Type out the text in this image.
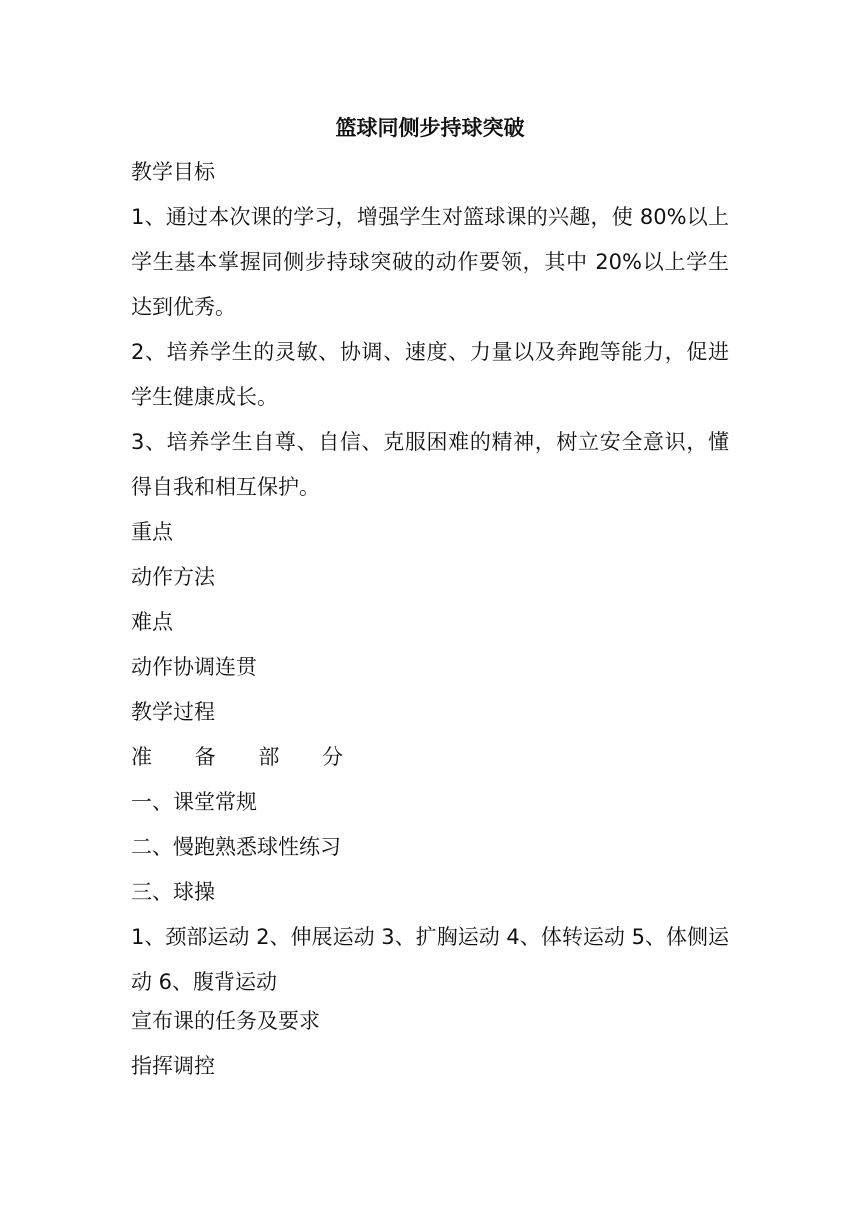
篮球同侧步持球突破
教学目标
1、通过本次课的学习，增强学生对篮球课的兴趣，使 80%以上学生基本掌握同侧步持球突破的动作要领，其中 20%以上学生达到优秀。
2、培养学生的灵敏、协调、速度、力量以及奔跑等能力，促进学生健康成长。
3、培养学生自尊、自信、克服困难的精神，树立安全意识，懂得自我和相互保护。
重点
动作方法
难点
动作协调连贯
教学过程
准 备 部 分
一、课堂常规
二、慢跑熟悉球性练习
三、球操
1、颈部运动 2、伸展运动 3、扩胸运动 4、体转运动 5、体侧运动 6、腹背运动
宣布课的任务及要求
指挥调控
